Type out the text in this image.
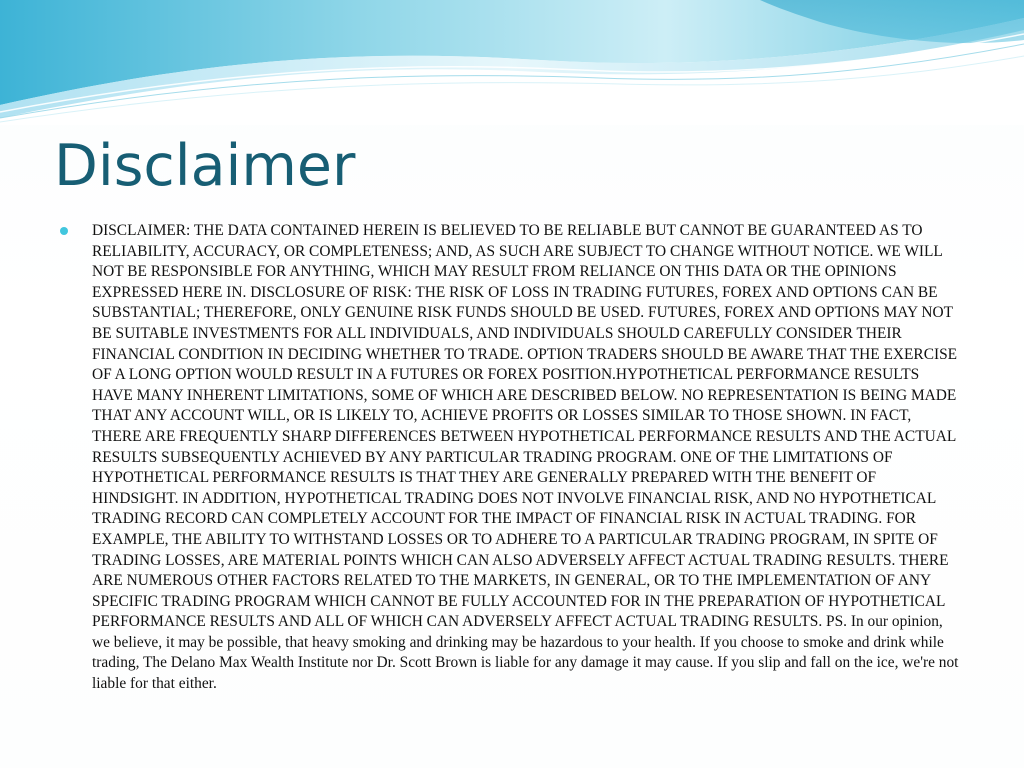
Disclaimer
DISCLAIMER: THE DATA CONTAINED HEREIN IS BELIEVED TO BE RELIABLE BUT CANNOT BE GUARANTEED AS TO RELIABILITY, ACCURACY, OR COMPLETENESS; AND, AS SUCH ARE SUBJECT TO CHANGE WITHOUT NOTICE. WE WILL NOT BE RESPONSIBLE FOR ANYTHING, WHICH MAY RESULT FROM RELIANCE ON THIS DATA OR THE OPINIONS EXPRESSED HERE IN. DISCLOSURE OF RISK: THE RISK OF LOSS IN TRADING FUTURES, FOREX AND OPTIONS CAN BE SUBSTANTIAL; THEREFORE, ONLY GENUINE RISK FUNDS SHOULD BE USED. FUTURES, FOREX AND OPTIONS MAY NOT BE SUITABLE INVESTMENTS FOR ALL INDIVIDUALS, AND INDIVIDUALS SHOULD CAREFULLY CONSIDER THEIR FINANCIAL CONDITION IN DECIDING WHETHER TO TRADE. OPTION TRADERS SHOULD BE AWARE THAT THE EXERCISE OF A LONG OPTION WOULD RESULT IN A FUTURES OR FOREX POSITION.HYPOTHETICAL PERFORMANCE RESULTS HAVE MANY INHERENT LIMITATIONS, SOME OF WHICH ARE DESCRIBED BELOW. NO REPRESENTATION IS BEING MADE THAT ANY ACCOUNT WILL, OR IS LIKELY TO, ACHIEVE PROFITS OR LOSSES SIMILAR TO THOSE SHOWN. IN FACT, THERE ARE FREQUENTLY SHARP DIFFERENCES BETWEEN HYPOTHETICAL PERFORMANCE RESULTS AND THE ACTUAL RESULTS SUBSEQUENTLY ACHIEVED BY ANY PARTICULAR TRADING PROGRAM. ONE OF THE LIMITATIONS OF HYPOTHETICAL PERFORMANCE RESULTS IS THAT THEY ARE GENERALLY PREPARED WITH THE BENEFIT OF HINDSIGHT. IN ADDITION, HYPOTHETICAL TRADING DOES NOT INVOLVE FINANCIAL RISK, AND NO HYPOTHETICAL TRADING RECORD CAN COMPLETELY ACCOUNT FOR THE IMPACT OF FINANCIAL RISK IN ACTUAL TRADING. FOR EXAMPLE, THE ABILITY TO WITHSTAND LOSSES OR TO ADHERE TO A PARTICULAR TRADING PROGRAM, IN SPITE OF TRADING LOSSES, ARE MATERIAL POINTS WHICH CAN ALSO ADVERSELY AFFECT ACTUAL TRADING RESULTS. THERE ARE NUMEROUS OTHER FACTORS RELATED TO THE MARKETS, IN GENERAL, OR TO THE IMPLEMENTATION OF ANY SPECIFIC TRADING PROGRAM WHICH CANNOT BE FULLY ACCOUNTED FOR IN THE PREPARATION OF HYPOTHETICAL PERFORMANCE RESULTS AND ALL OF WHICH CAN ADVERSELY AFFECT ACTUAL TRADING RESULTS. PS. In our opinion, we believe, it may be possible, that heavy smoking and drinking may be hazardous to your health. If you choose to smoke and drink while trading, The Delano Max Wealth Institute nor Dr. Scott Brown is liable for any damage it may cause. If you slip and fall on the ice, we're not liable for that either.
